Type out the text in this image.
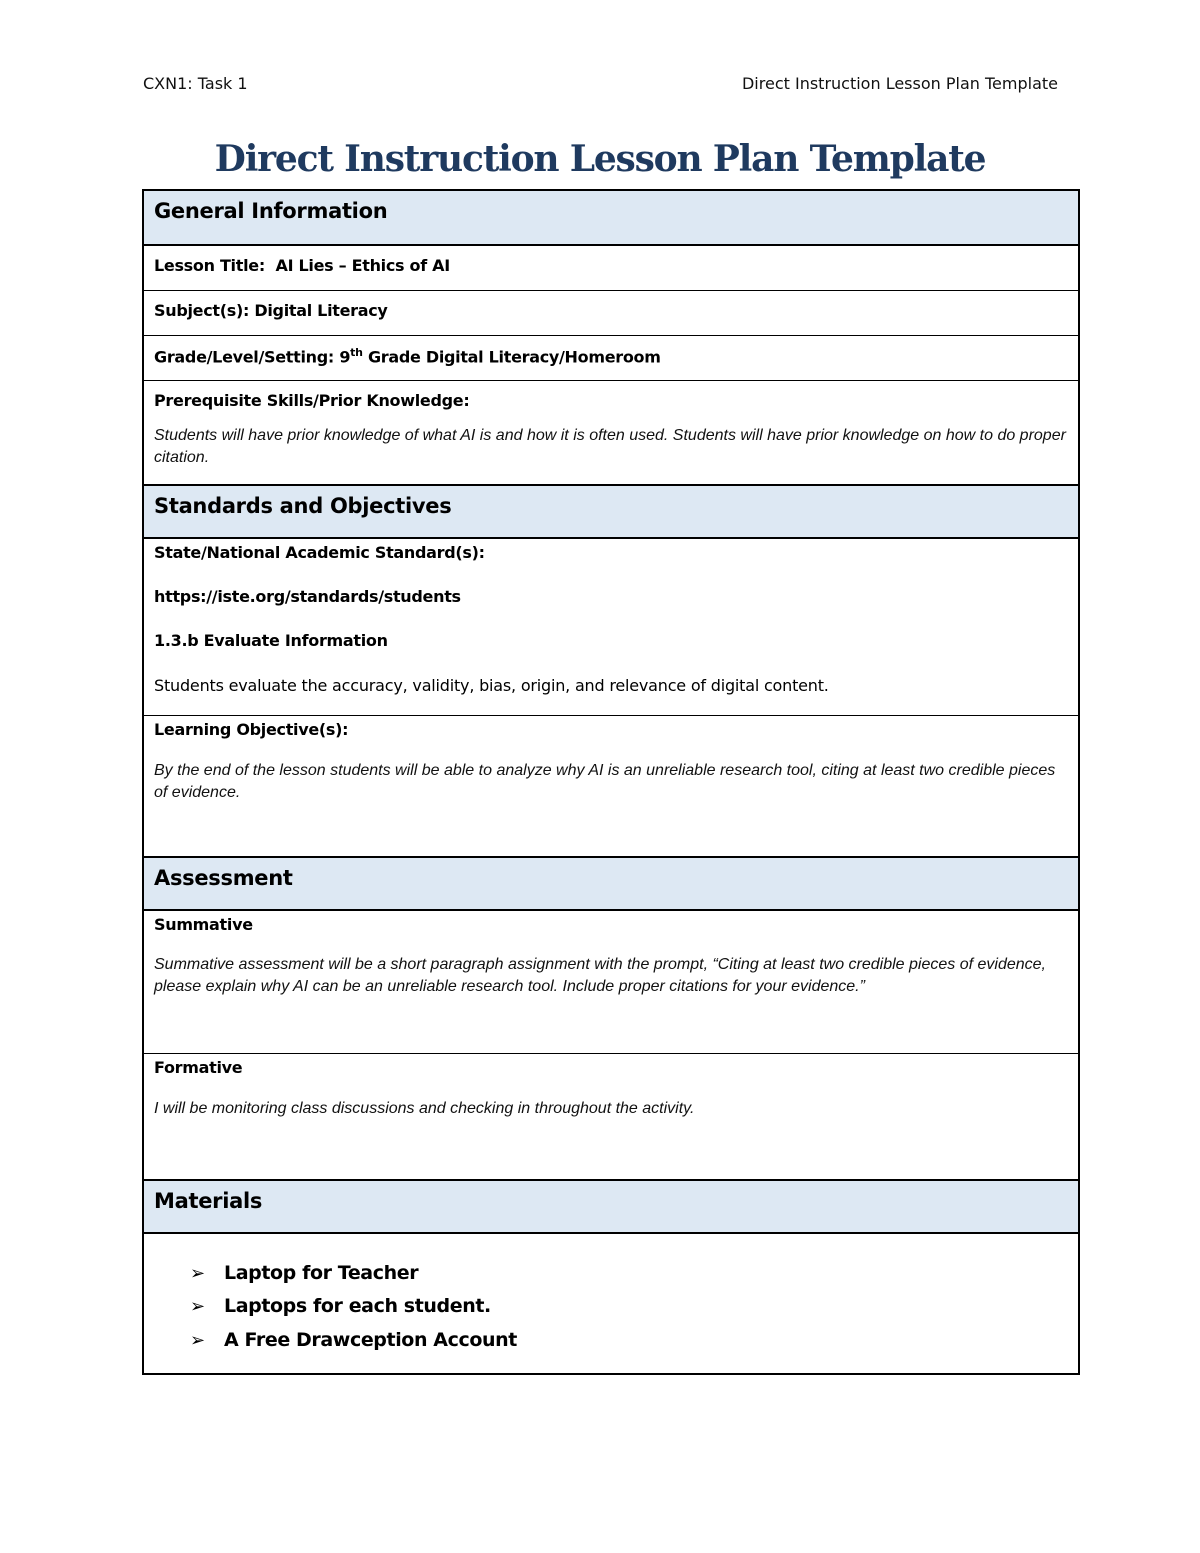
CXN1: Task 1	Direct Instruction Lesson Plan Template
Direct Instruction Lesson Plan Template
General Information
Lesson Title: AI Lies – Ethics of AI
Subject(s): Digital Literacy
Grade/Level/Setting: 9th Grade Digital Literacy/Homeroom
Prerequisite Skills/Prior Knowledge:
Students will have prior knowledge of what AI is and how it is often used. Students will have prior knowledge on how to do proper citation.
Standards and Objectives
State/National Academic Standard(s):
https://iste.org/standards/students
1.3.b Evaluate Information
Students evaluate the accuracy, validity, bias, origin, and relevance of digital content.
Learning Objective(s):
By the end of the lesson students will be able to analyze why AI is an unreliable research tool, citing at least two credible pieces of evidence.
Assessment
Summative
Summative assessment will be a short paragraph assignment with the prompt, “Citing at least two credible pieces of evidence, please explain why AI can be an unreliable research tool. Include proper citations for your evidence.”
Formative
I will be monitoring class discussions and checking in throughout the activity.
Materials
➢ Laptop for Teacher
➢ Laptops for each student.
➢ A Free Drawception Account
